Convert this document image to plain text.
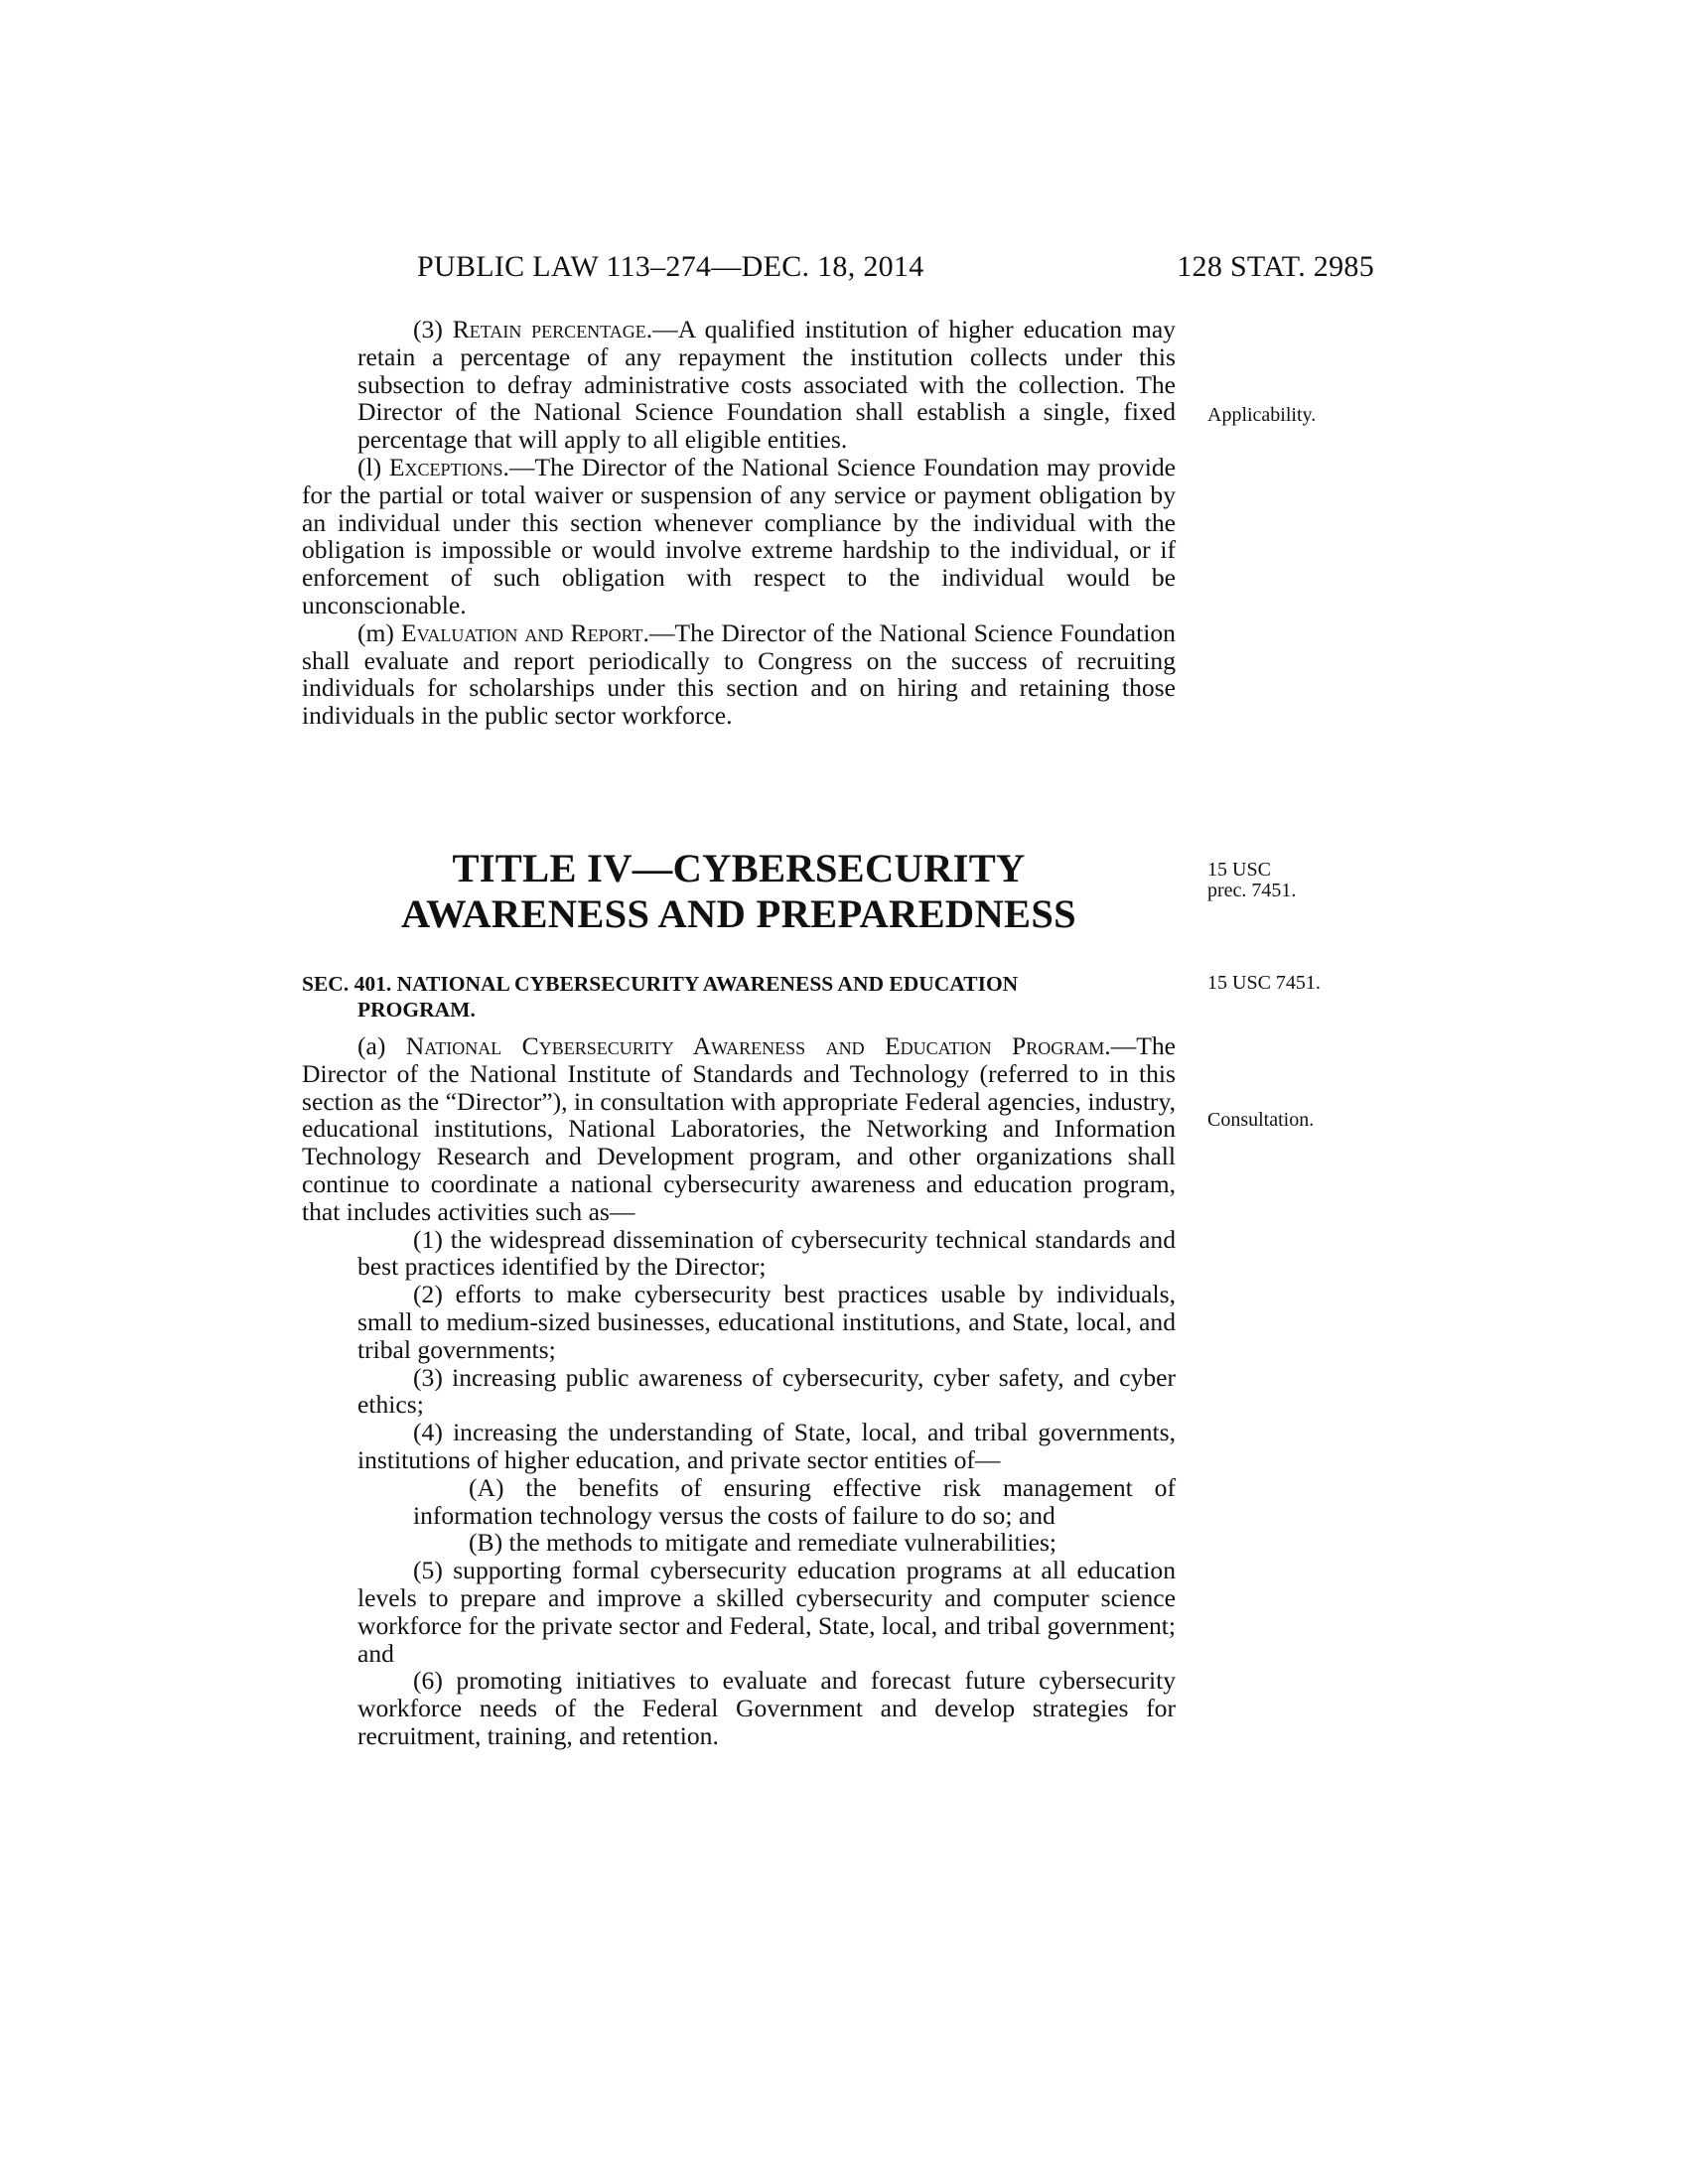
PUBLIC LAW 113–274—DEC. 18, 2014	128 STAT. 2985

(3) Retain percentage.—A qualified institution of higher education may retain a percentage of any repayment the institution collects under this subsection to defray administrative costs associated with the collection. The Director of the National Science Foundation shall establish a single, fixed percentage that will apply to all eligible entities.

(l) Exceptions.—The Director of the National Science Foundation may provide for the partial or total waiver or suspension of any service or payment obligation by an individual under this section whenever compliance by the individual with the obligation is impossible or would involve extreme hardship to the individual, or if enforcement of such obligation with respect to the individual would be unconscionable.

(m) Evaluation and Report.—The Director of the National Science Foundation shall evaluate and report periodically to Congress on the success of recruiting individuals for scholarships under this section and on hiring and retaining those individuals in the public sector workforce.

Applicability.
15 USC
prec. 7451.
15 USC 7451.
Consultation.
TITLE IV—CYBERSECURITY
AWARENESS AND PREPAREDNESS
SEC. 401. NATIONAL CYBERSECURITY AWARENESS AND EDUCATION
PROGRAM.

(a) National Cybersecurity Awareness and Education Program.—The Director of the National Institute of Standards and Technology (referred to in this section as the “Director”), in consultation with appropriate Federal agencies, industry, educational institutions, National Laboratories, the Networking and Information Technology Research and Development program, and other organizations shall continue to coordinate a national cybersecurity awareness and education program, that includes activities such as—

(1) the widespread dissemination of cybersecurity technical standards and best practices identified by the Director;

(2) efforts to make cybersecurity best practices usable by individuals, small to medium-sized businesses, educational institutions, and State, local, and tribal governments;

(3) increasing public awareness of cybersecurity, cyber safety, and cyber ethics;

(4) increasing the understanding of State, local, and tribal governments, institutions of higher education, and private sector entities of—

(A) the benefits of ensuring effective risk management of information technology versus the costs of failure to do so; and

(B) the methods to mitigate and remediate vulnerabilities;

(5) supporting formal cybersecurity education programs at all education levels to prepare and improve a skilled cybersecurity and computer science workforce for the private sector and Federal, State, local, and tribal government; and

(6) promoting initiatives to evaluate and forecast future cybersecurity workforce needs of the Federal Government and develop strategies for recruitment, training, and retention.
